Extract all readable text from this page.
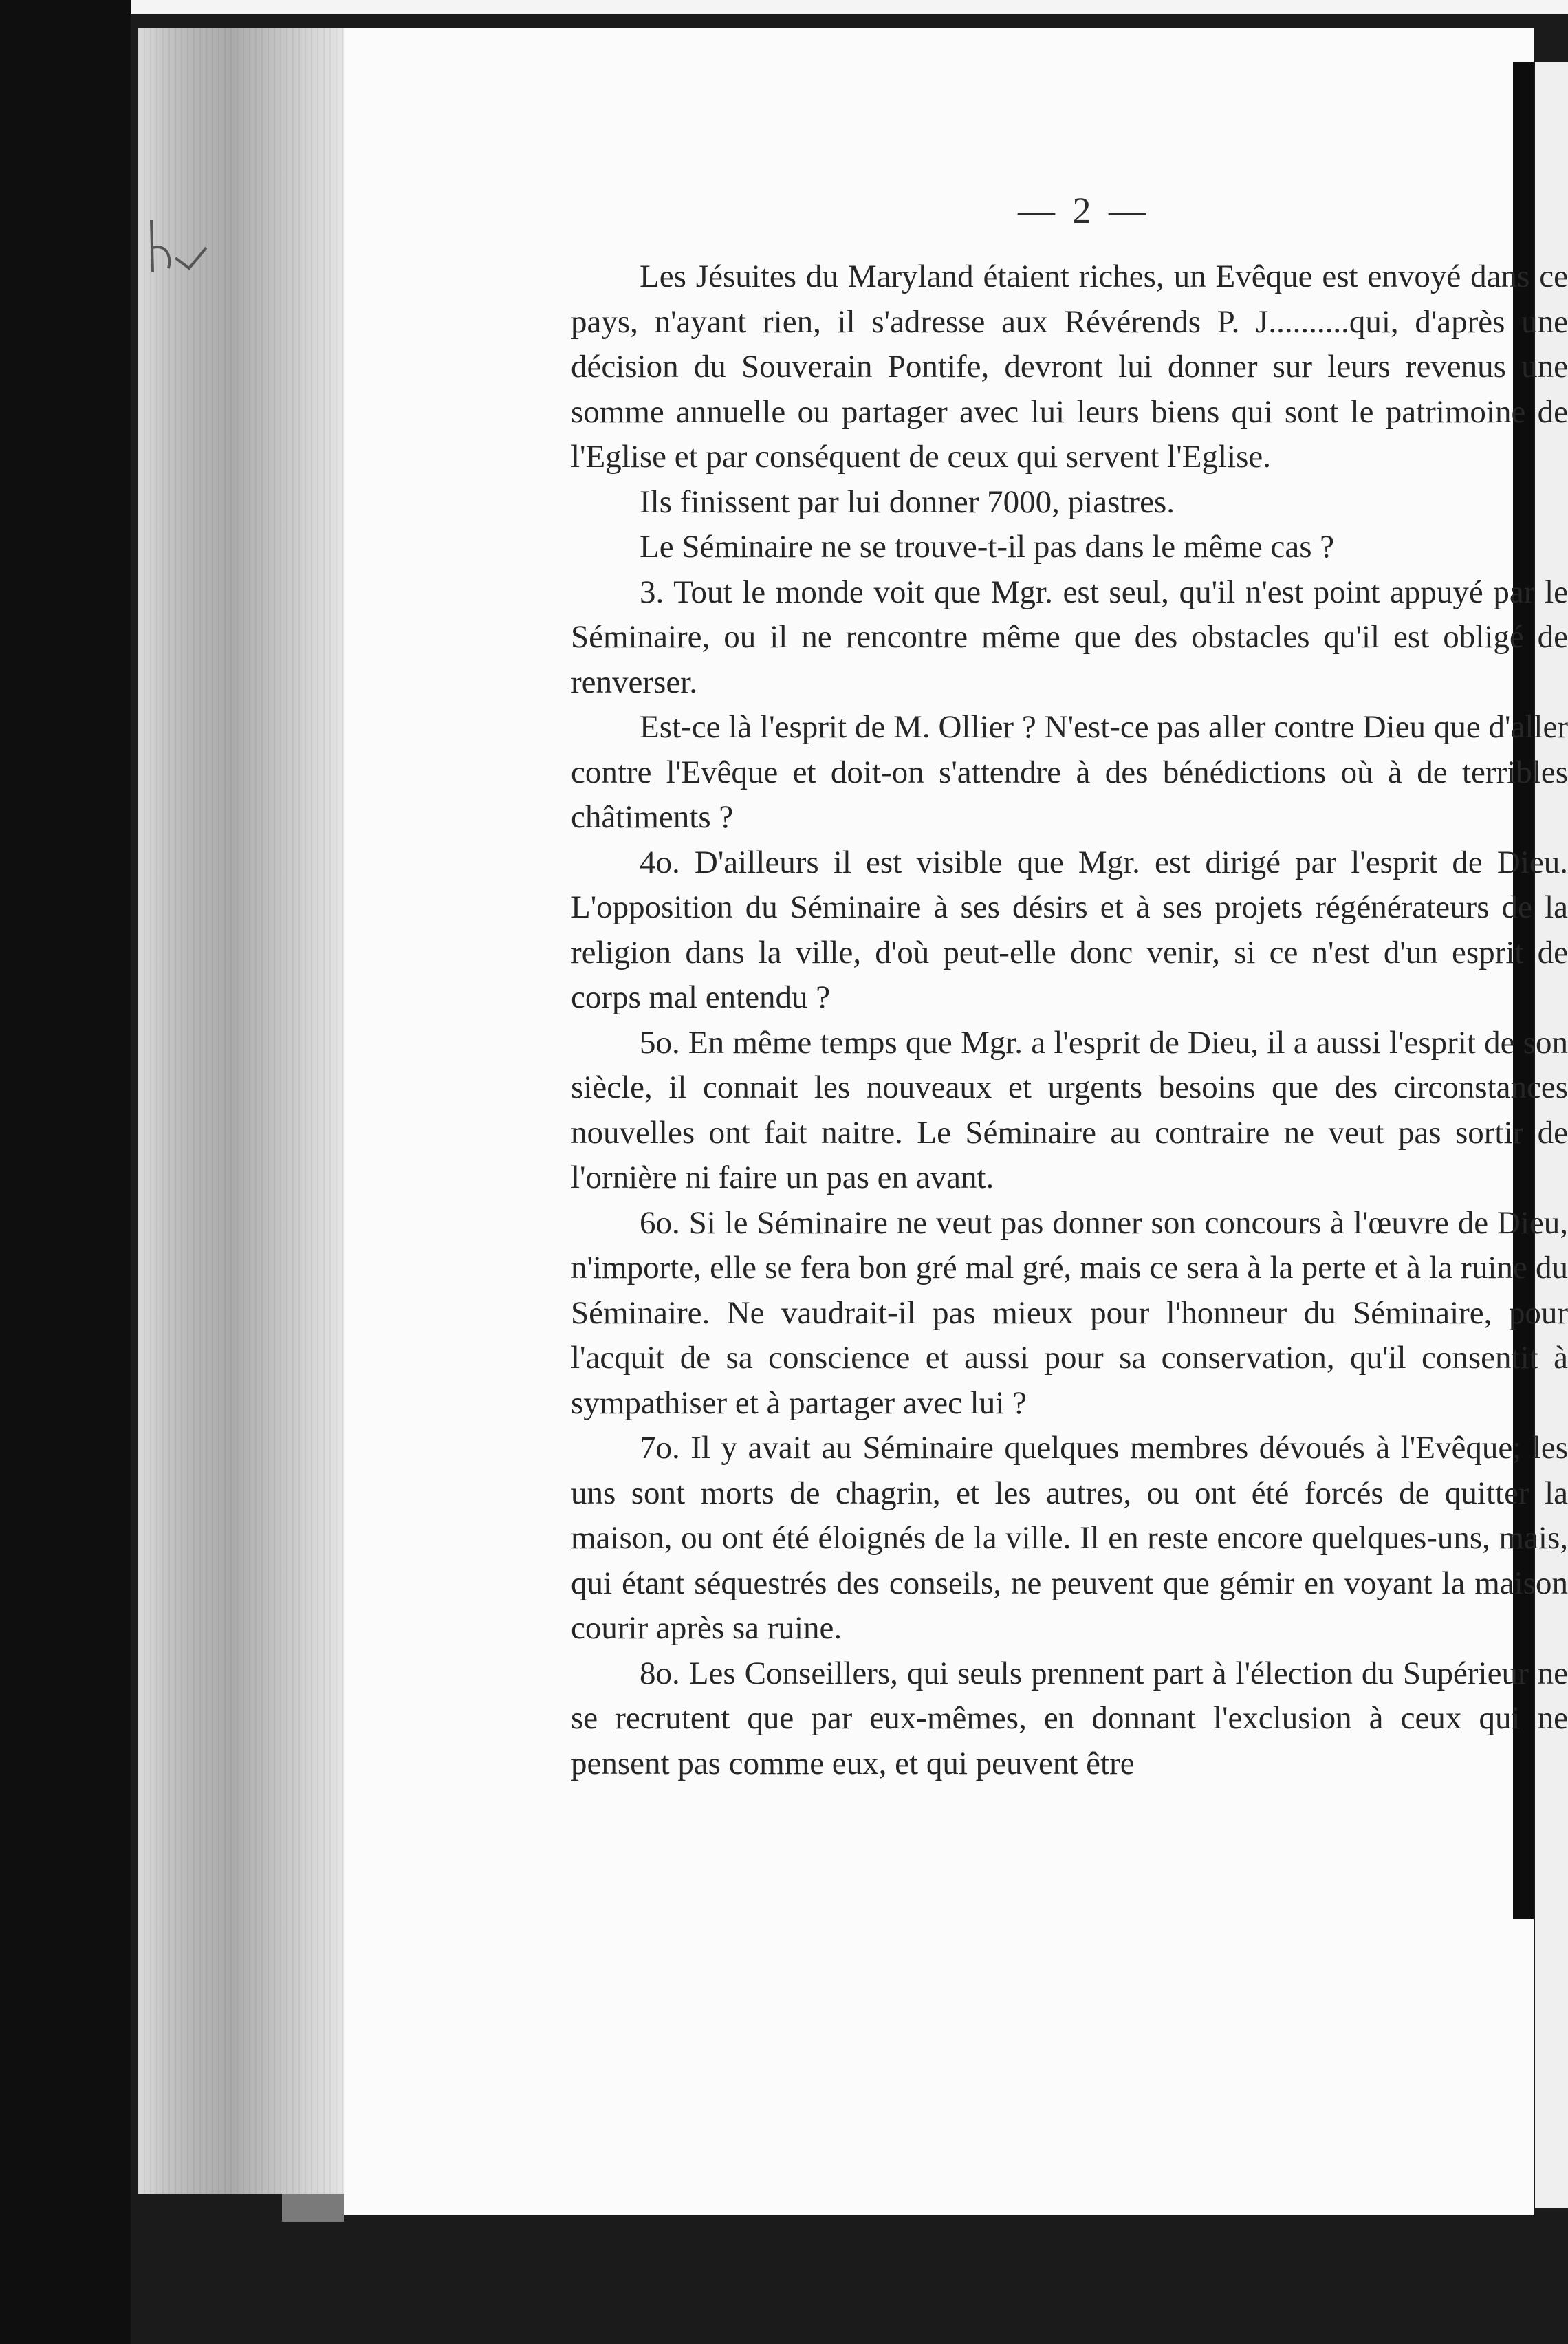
— 2 —

Les Jésuites du Maryland étaient riches, un Evêque est envoyé dans ce pays, n'ayant rien, il s'adresse aux Révérends P. J..........qui, d'après une décision du Souverain Pontife, devront lui donner sur leurs revenus une somme annuelle ou partager avec lui leurs biens qui sont le patrimoine de l'Eglise et par conséquent de ceux qui servent l'Eglise.

Ils finissent par lui donner 7000, piastres.

Le Séminaire ne se trouve-t-il pas dans le même cas ?

3. Tout le monde voit que Mgr. est seul, qu'il n'est point appuyé par le Séminaire, ou il ne rencontre même que des obstacles qu'il est obligé de renverser.

Est-ce là l'esprit de M. Ollier ? N'est-ce pas aller contre Dieu que d'aller contre l'Evêque et doit-on s'attendre à des bénédictions où à de terribles châtiments ?

4o. D'ailleurs il est visible que Mgr. est dirigé par l'esprit de Dieu. L'opposition du Séminaire à ses désirs et à ses projets régénérateurs de la religion dans la ville, d'où peut-elle donc venir, si ce n'est d'un esprit de corps mal entendu ?

5o. En même temps que Mgr. a l'esprit de Dieu, il a aussi l'esprit de son siècle, il connait les nouveaux et urgents besoins que des circonstances nouvelles ont fait naitre. Le Séminaire au contraire ne veut pas sortir de l'ornière ni faire un pas en avant.

6o. Si le Séminaire ne veut pas donner son concours à l'œuvre de Dieu, n'importe, elle se fera bon gré mal gré, mais ce sera à la perte et à la ruine du Séminaire. Ne vaudrait-il pas mieux pour l'honneur du Séminaire, pour l'acquit de sa conscience et aussi pour sa conservation, qu'il consentit à sympathiser et à partager avec lui ?

7o. Il y avait au Séminaire quelques membres dévoués à l'Evêque; les uns sont morts de chagrin, et les autres, ou ont été forcés de quitter la maison, ou ont été éloignés de la ville. Il en reste encore quelques-uns, mais, qui étant séquestrés des conseils, ne peuvent que gémir en voyant la maison courir après sa ruine.

8o. Les Conseillers, qui seuls prennent part à l'élection du Supérieur ne se recrutent que par eux-mêmes, en donnant l'exclusion à ceux qui ne pensent pas comme eux, et qui peuvent être
